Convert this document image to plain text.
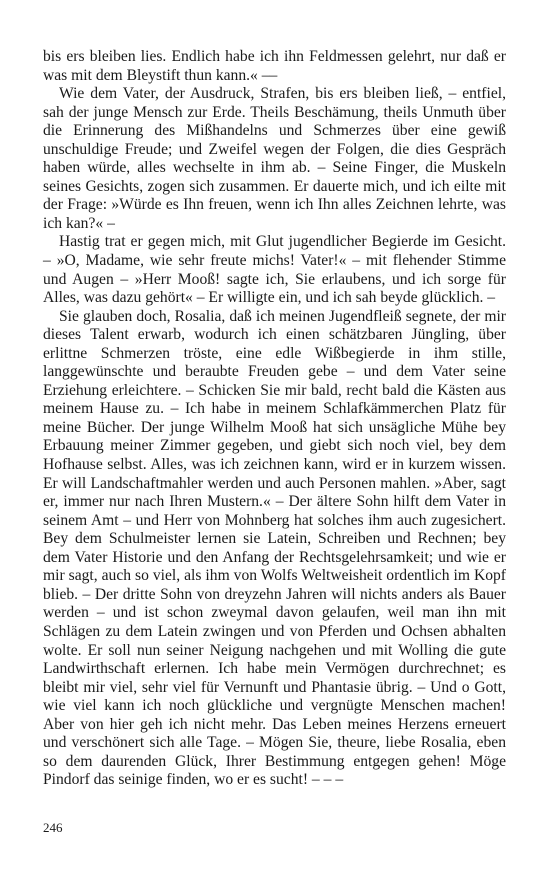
bis ers bleiben lies. Endlich habe ich ihn Feldmessen gelehrt, nur daß er was mit dem Bleystift thun kann.« ––

Wie dem Vater, der Ausdruck, Strafen, bis ers bleiben ließ, – entfiel, sah der junge Mensch zur Erde. Theils Beschämung, theils Unmuth über die Erinnerung des Mißhandelns und Schmerzes über eine gewiß unschuldige Freude; und Zweifel wegen der Folgen, die dies Gespräch haben würde, alles wechselte in ihm ab. – Seine Finger, die Muskeln seines Gesichts, zogen sich zusammen. Er dauerte mich, und ich eilte mit der Frage: »Würde es Ihn freuen, wenn ich Ihn alles Zeichnen lehrte, was ich kan?« –

Hastig trat er gegen mich, mit Glut jugendlicher Begierde im Gesicht. – »O, Madame, wie sehr freute michs! Vater!« – mit flehender Stimme und Augen – »Herr Mooß! sagte ich, Sie erlaubens, und ich sorge für Alles, was dazu gehört« – Er willigte ein, und ich sah beyde glücklich. –

Sie glauben doch, Rosalia, daß ich meinen Jugendfleiß segnete, der mir dieses Talent erwarb, wodurch ich einen schätzbaren Jüngling, über erlittne Schmerzen tröste, eine edle Wißbegierde in ihm stille, langgewünschte und beraubte Freuden gebe – und dem Vater seine Erziehung erleichtere. – Schicken Sie mir bald, recht bald die Kästen aus meinem Hause zu. – Ich habe in meinem Schlafkämmerchen Platz für meine Bücher. Der junge Wilhelm Mooß hat sich unsägliche Mühe bey Erbauung meiner Zimmer gegeben, und giebt sich noch viel, bey dem Hofhause selbst. Alles, was ich zeichnen kann, wird er in kurzem wissen. Er will Landschaftmahler werden und auch Personen mahlen. »Aber, sagt er, immer nur nach Ihren Mustern.« – Der ältere Sohn hilft dem Vater in seinem Amt – und Herr von Mohnberg hat solches ihm auch zugesichert. Bey dem Schulmeister lernen sie Latein, Schreiben und Rechnen; bey dem Vater Historie und den Anfang der Rechtsgelehrsamkeit; und wie er mir sagt, auch so viel, als ihm von Wolfs Weltweisheit ordentlich im Kopf blieb. – Der dritte Sohn von dreyzehn Jahren will nichts anders als Bauer werden – und ist schon zweymal davon gelaufen, weil man ihn mit Schlägen zu dem Latein zwingen und von Pferden und Ochsen abhalten wolte. Er soll nun seiner Neigung nachgehen und mit Wolling die gute Landwirthschaft erlernen. Ich habe mein Vermögen durchrechnet; es bleibt mir viel, sehr viel für Vernunft und Phantasie übrig. – Und o Gott, wie viel kann ich noch glückliche und vergnügte Menschen machen! Aber von hier geh ich nicht mehr. Das Leben meines Herzens erneuert und verschönert sich alle Tage. – Mögen Sie, theure, liebe Rosalia, eben so dem daurenden Glück, Ihrer Bestimmung entgegen gehen! Möge Pindorf das seinige finden, wo er es sucht! – – –

246
